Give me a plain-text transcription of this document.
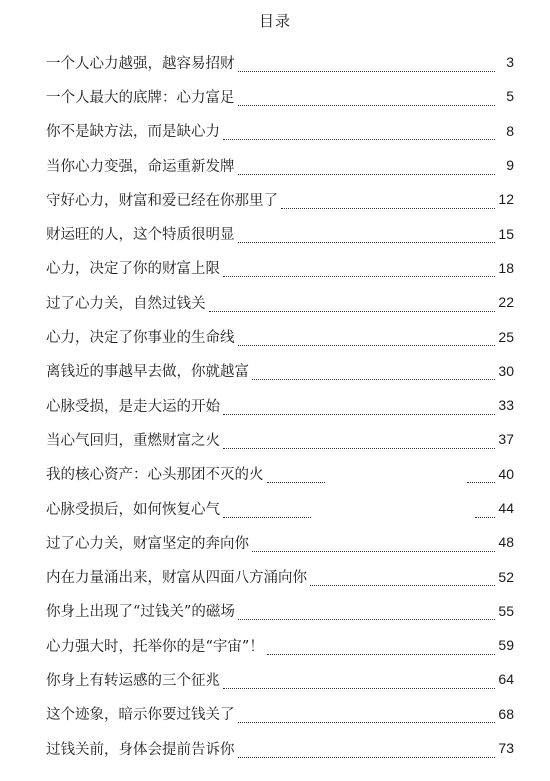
目录
一个人心力越强，越容易招财	3
一个人最大的底牌：心力富足	5
你不是缺方法，而是缺心力	8
当你心力变强，命运重新发牌	9
守好心力，财富和爱已经在你那里了	12
财运旺的人，这个特质很明显	15
心力，决定了你的财富上限	18
过了心力关，自然过钱关	22
心力，决定了你事业的生命线	25
离钱近的事越早去做，你就越富	30
心脉受损，是走大运的开始	33
当心气回归，重燃财富之火	37
我的核心资产：心头那团不灭的火	40
心脉受损后，如何恢复心气	44
过了心力关，财富坚定的奔向你	48
内在力量涌出来，财富从四面八方涌向你	52
你身上出现了“过钱关”的磁场	55
心力强大时，托举你的是“宇宙”！	59
你身上有转运感的三个征兆	64
这个迹象，暗示你要过钱关了	68
过钱关前，身体会提前告诉你	73
